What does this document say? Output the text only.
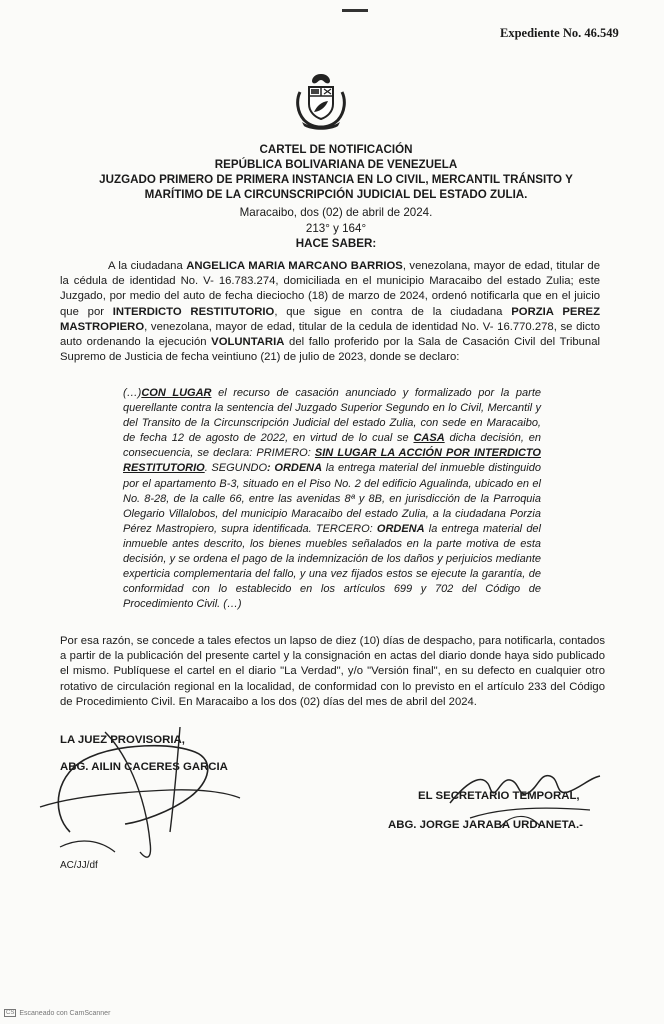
Expediente No. 46.549
CARTEL DE NOTIFICACIÓN
REPÚBLICA BOLIVARIANA DE VENEZUELA
JUZGADO PRIMERO DE PRIMERA INSTANCIA EN LO CIVIL, MERCANTIL TRÁNSITO Y
MARÍTIMO DE LA CIRCUNSCRIPCIÓN JUDICIAL DEL ESTADO ZULIA.
Maracaibo, dos (02) de abril de 2024.
213° y 164°
HACE SABER:
A la ciudadana ANGELICA MARIA MARCANO BARRIOS, venezolana, mayor de edad, titular de la cédula de identidad No. V- 16.783.274, domiciliada en el municipio Maracaibo del estado Zulia; este Juzgado, por medio del auto de fecha dieciocho (18) de marzo de 2024, ordenó notificarla que en el juicio que por INTERDICTO RESTITUTORIO, que sigue en contra de la ciudadana PORZIA PEREZ MASTROPIERO, venezolana, mayor de edad, titular de la cedula de identidad No. V- 16.770.278, se dicto auto ordenando la ejecución VOLUNTARIA del fallo proferido por la Sala de Casación Civil del Tribunal Supremo de Justicia de fecha veintiuno (21) de julio de 2023, donde se declaro:
(…)CON LUGAR el recurso de casación anunciado y formalizado por la parte querellante contra la sentencia del Juzgado Superior Segundo en lo Civil, Mercantil y del Transito de la Circunscripción Judicial del estado Zulia, con sede en Maracaibo, de fecha 12 de agosto de 2022, en virtud de lo cual se CASA dicha decisión, en consecuencia, se declara: PRIMERO: SIN LUGAR LA ACCIÓN POR INTERDICTO RESTITUTORIO. SEGUNDO: ORDENA la entrega material del inmueble distinguido por el apartamento B-3, situado en el Piso No. 2 del edificio Agualinda, ubicado en el No. 8-28, de la calle 66, entre las avenidas 8ª y 8B, en jurisdicción de la Parroquia Olegario Villalobos, del municipio Maracaibo del estado Zulia, a la ciudadana Porzia Pérez Mastropiero, supra identificada. TERCERO: ORDENA la entrega material del inmueble antes descrito, los bienes muebles señalados en la parte motiva de esta decisión, y se ordena el pago de la indemnización de los daños y perjuicios mediante experticia complementaria del fallo, y una vez fijados estos se ejecute la garantía, de conformidad con lo establecido en los artículos 699 y 702 del Código de Procedimiento Civil. (…)
Por esa razón, se concede a tales efectos un lapso de diez (10) días de despacho, para notificarla, contados a partir de la publicación del presente cartel y la consignación en actas del diario donde haya sido publicado el mismo. Publíquese el cartel en el diario "La Verdad", y/o "Versión final", en su defecto en cualquier otro rotativo de circulación regional en la localidad, de conformidad con lo previsto en el artículo 233 del Código de Procedimiento Civil. En Maracaibo a los dos (02) días del mes de abril del 2024.
LA JUEZ PROVISORIA,
ABG. AILIN CACERES GARCIA
EL SECRETARIO TEMPORAL,
ABG. JORGE JARABA URDANETA.-
AC/JJ/df
CS Escaneado con CamScanner
